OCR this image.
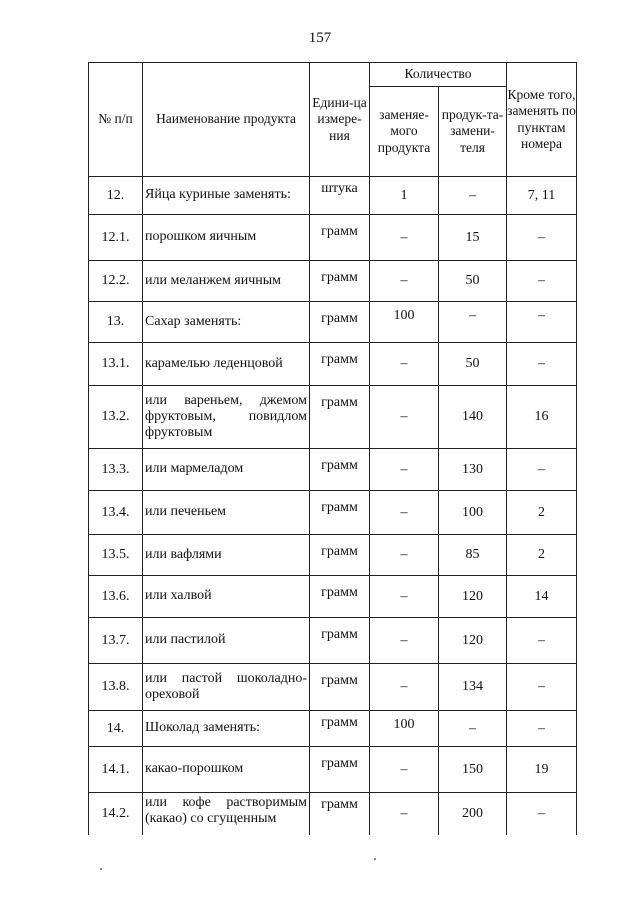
157
№ п/п	Наименование продукта	Едини-ца измере-ния	Количество		Кроме того, заменять по пунктам номера
			заменяе-мого продукта	продук-та-замени-теля	
12.	Яйца куриные заменять:	штука	1	–	7, 11
12.1.	порошком яичным	грамм	–	15	–
12.2.	или меланжем яичным	грамм	–	50	–
13.	Сахар заменять:	грамм	100	–	–
13.1.	карамелью леденцовой	грамм	–	50	–
13.2.	или вареньем, джемом фруктовым, повидлом фруктовым	грамм	–	140	16
13.3.	или мармеладом	грамм	–	130	–
13.4.	или печеньем	грамм	–	100	2
13.5.	или вафлями	грамм	–	85	2
13.6.	или халвой	грамм	–	120	14
13.7.	или пастилой	грамм	–	120	–
13.8.	или пастой шоколадно-ореховой	грамм	–	134	–
14.	Шоколад заменять:	грамм	100	–	–
14.1.	какао-порошком	грамм	–	150	19
14.2.	или кофе растворимым (какао) со сгущенным	грамм	–	200	–
